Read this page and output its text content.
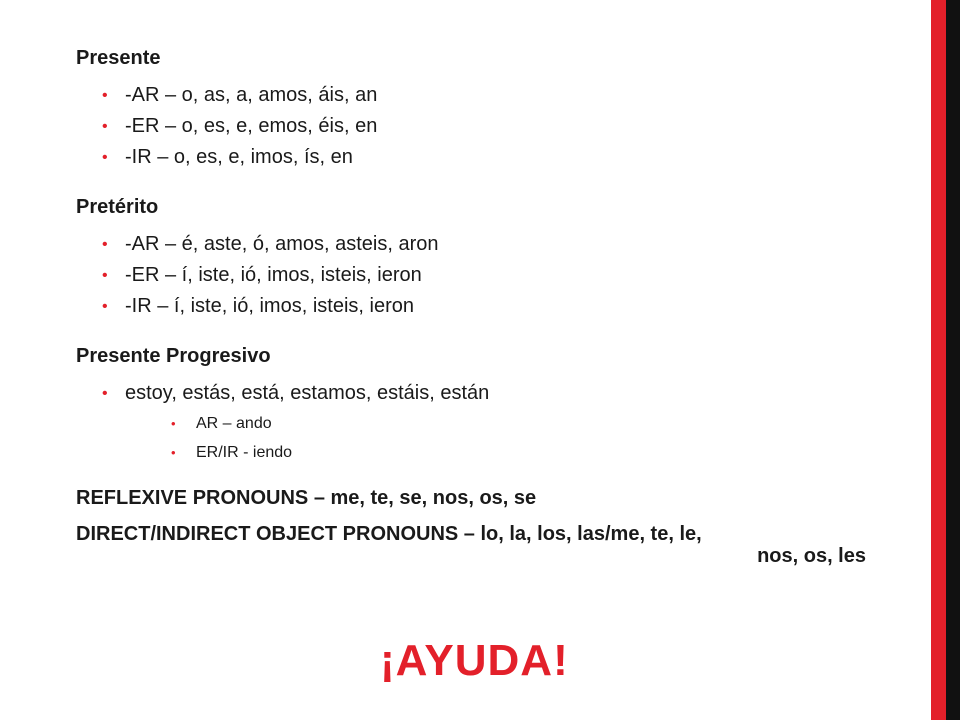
Presente

• -AR – o, as, a, amos, áis, an
• -ER – o, es, e, emos, éis, en
• -IR – o, es, e, imos, ís, en

Pretérito

• -AR – é, aste, ó, amos, asteis, aron
• -ER – í, iste, ió, imos, isteis, ieron
• -IR – í, iste, ió, imos, isteis, ieron

Presente Progresivo

• estoy, estás, está, estamos, estáis, están
• AR – ando
• ER/IR - iendo
REFLEXIVE PRONOUNS – me, te, se, nos, os, se
DIRECT/INDIRECT OBJECT PRONOUNS – lo, la, los, las/me, te, le,
nos, os, les
¡AYUDA!
